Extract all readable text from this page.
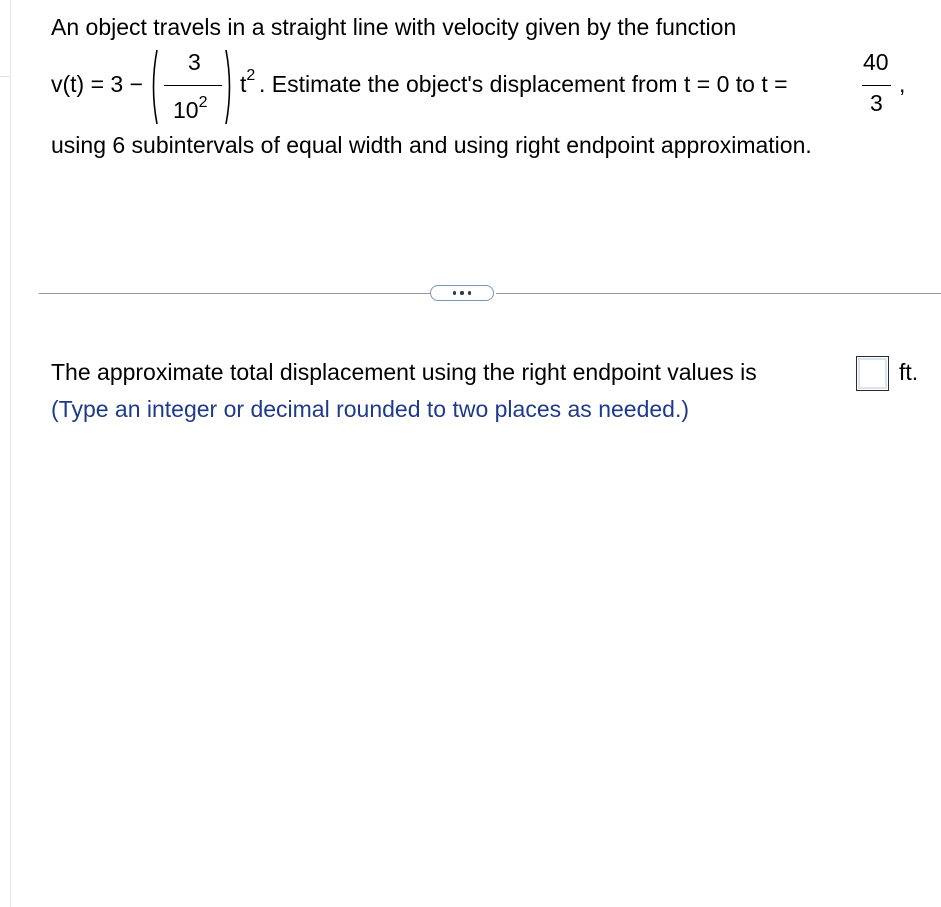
An object travels in a straight line with velocity given by the function
v(t) = 3 −
3
$10^2$
$t^2$ . Estimate the object's displacement from t = 0 to t =
40
3
,
using 6 subintervals of equal width and using right endpoint approximation.
The approximate total displacement using the right endpoint values is	ft.
(Type an integer or decimal rounded to two places as needed.)
